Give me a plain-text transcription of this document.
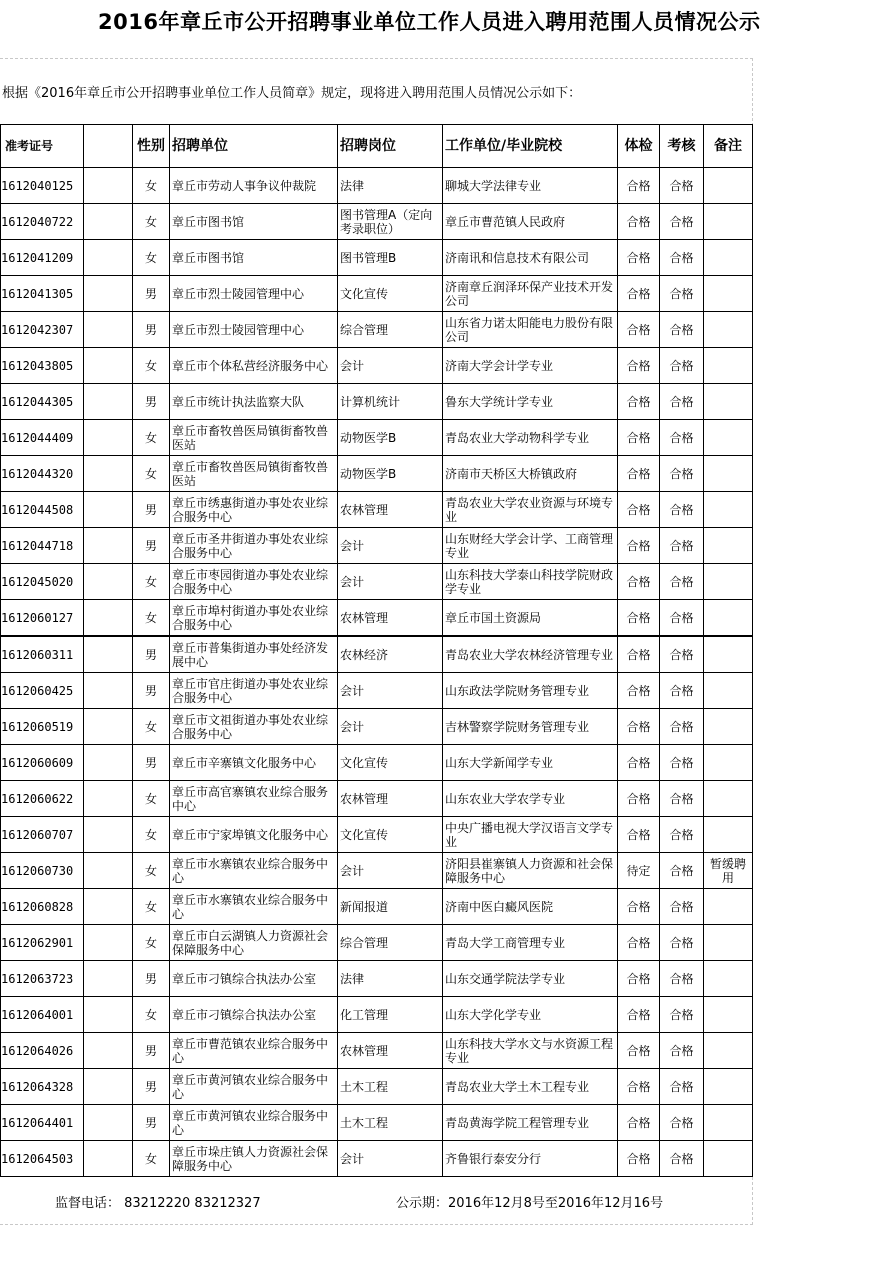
2016年章丘市公开招聘事业单位工作人员进入聘用范围人员情况公示
根据《2016年章丘市公开招聘事业单位工作人员简章》规定，现将进入聘用范围人员情况公示如下：
准考证号		性别	招聘单位	招聘岗位	工作单位/毕业院校	体检	考核	备注
1612040125		女	章丘市劳动人事争议仲裁院	法律	聊城大学法律专业	合格	合格	
1612040722		女	章丘市图书馆	图书管理A（定向考录职位）	章丘市曹范镇人民政府	合格	合格	
1612041209		女	章丘市图书馆	图书管理B	济南讯和信息技术有限公司	合格	合格	
1612041305		男	章丘市烈士陵园管理中心	文化宣传	济南章丘润泽环保产业技术开发公司	合格	合格	
1612042307		男	章丘市烈士陵园管理中心	综合管理	山东省力诺太阳能电力股份有限公司	合格	合格	
1612043805		女	章丘市个体私营经济服务中心	会计	济南大学会计学专业	合格	合格	
1612044305		男	章丘市统计执法监察大队	计算机统计	鲁东大学统计学专业	合格	合格	
1612044409		女	章丘市畜牧兽医局镇街畜牧兽医站	动物医学B	青岛农业大学动物科学专业	合格	合格	
1612044320		女	章丘市畜牧兽医局镇街畜牧兽医站	动物医学B	济南市天桥区大桥镇政府	合格	合格	
1612044508		男	章丘市绣惠街道办事处农业综合服务中心	农林管理	青岛农业大学农业资源与环境专业	合格	合格	
1612044718		男	章丘市圣井街道办事处农业综合服务中心	会计	山东财经大学会计学、工商管理专业	合格	合格	
1612045020		女	章丘市枣园街道办事处农业综合服务中心	会计	山东科技大学泰山科技学院财政学专业	合格	合格	
1612060127		女	章丘市埠村街道办事处农业综合服务中心	农林管理	章丘市国土资源局	合格	合格	
1612060311		男	章丘市普集街道办事处经济发展中心	农林经济	青岛农业大学农林经济管理专业	合格	合格	
1612060425		男	章丘市官庄街道办事处农业综合服务中心	会计	山东政法学院财务管理专业	合格	合格	
1612060519		女	章丘市文祖街道办事处农业综合服务中心	会计	吉林警察学院财务管理专业	合格	合格	
1612060609		男	章丘市辛寨镇文化服务中心	文化宣传	山东大学新闻学专业	合格	合格	
1612060622		女	章丘市高官寨镇农业综合服务中心	农林管理	山东农业大学农学专业	合格	合格	
1612060707		女	章丘市宁家埠镇文化服务中心	文化宣传	中央广播电视大学汉语言文学专业	合格	合格	
1612060730		女	章丘市水寨镇农业综合服务中心	会计	济阳县崔寨镇人力资源和社会保障服务中心	待定	合格	暂缓聘用
1612060828		女	章丘市水寨镇农业综合服务中心	新闻报道	济南中医白癜风医院	合格	合格	
1612062901		女	章丘市白云湖镇人力资源社会保障服务中心	综合管理	青岛大学工商管理专业	合格	合格	
1612063723		男	章丘市刁镇综合执法办公室	法律	山东交通学院法学专业	合格	合格	
1612064001		女	章丘市刁镇综合执法办公室	化工管理	山东大学化学专业	合格	合格	
1612064026		男	章丘市曹范镇农业综合服务中心	农林管理	山东科技大学水文与水资源工程专业	合格	合格	
1612064328		男	章丘市黄河镇农业综合服务中心	土木工程	青岛农业大学土木工程专业	合格	合格	
1612064401		男	章丘市黄河镇农业综合服务中心	土木工程	青岛黄海学院工程管理专业	合格	合格	
1612064503		女	章丘市垛庄镇人力资源社会保障服务中心	会计	齐鲁银行泰安分行	合格	合格	
监督电话： 83212220 83212327	公示期：2016年12月8号至2016年12月16号
